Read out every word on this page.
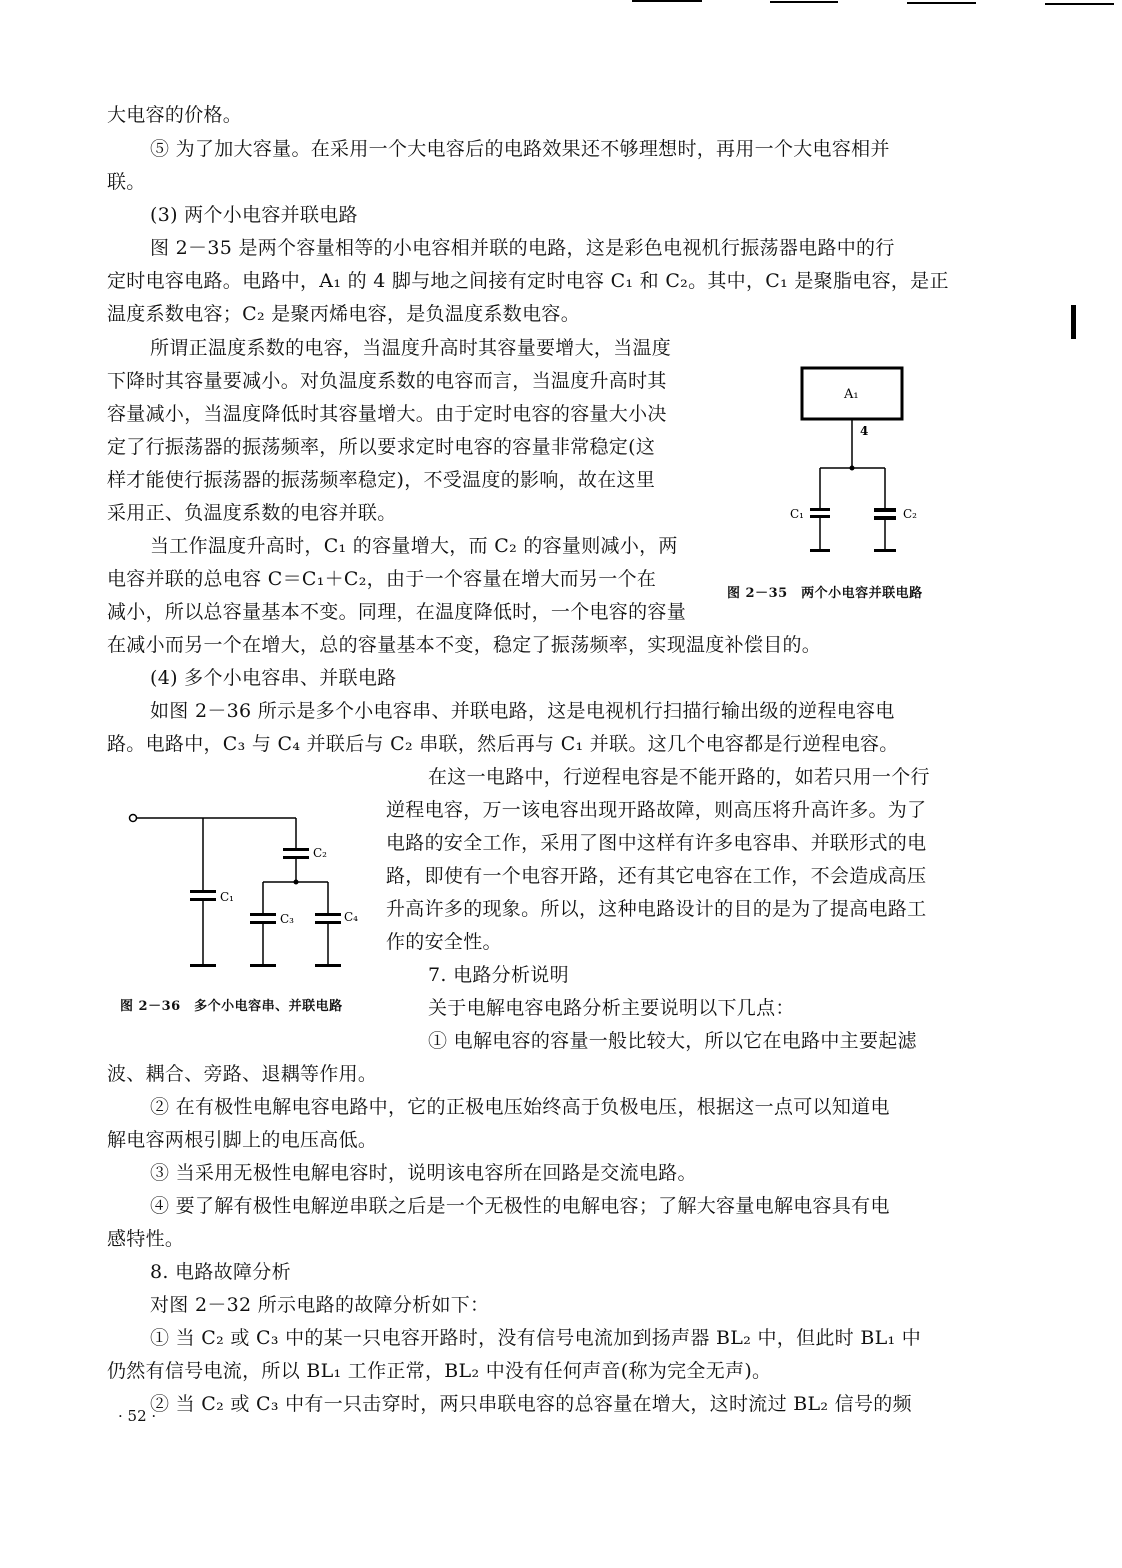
大电容的价格。
⑤ 为了加大容量。在采用一个大电容后的电路效果还不够理想时，再用一个大电容相并
联。
(3) 两个小电容并联电路
图 2－35 是两个容量相等的小电容相并联的电路，这是彩色电视机行振荡器电路中的行
定时电容电路。电路中，A₁ 的 4 脚与地之间接有定时电容 C₁ 和 C₂。其中，C₁ 是聚脂电容，是正
温度系数电容；C₂ 是聚丙烯电容，是负温度系数电容。
所谓正温度系数的电容，当温度升高时其容量要增大，当温度
下降时其容量要减小。对负温度系数的电容而言，当温度升高时其
容量减小，当温度降低时其容量增大。由于定时电容的容量大小决
定了行振荡器的振荡频率，所以要求定时电容的容量非常稳定(这
样才能使行振荡器的振荡频率稳定)，不受温度的影响，故在这里
采用正、负温度系数的电容并联。
当工作温度升高时，C₁ 的容量增大，而 C₂ 的容量则减小，两
电容并联的总电容 C＝C₁＋C₂，由于一个容量在增大而另一个在
减小，所以总容量基本不变。同理，在温度降低时，一个电容的容量
在减小而另一个在增大，总的容量基本不变，稳定了振荡频率，实现温度补偿目的。
(4) 多个小电容串、并联电路
如图 2－36 所示是多个小电容串、并联电路，这是电视机行扫描行输出级的逆程电容电
路。电路中，C₃ 与 C₄ 并联后与 C₂ 串联，然后再与 C₁ 并联。这几个电容都是行逆程电容。
在这一电路中，行逆程电容是不能开路的，如若只用一个行
逆程电容，万一该电容出现开路故障，则高压将升高许多。为了
电路的安全工作，采用了图中这样有许多电容串、并联形式的电
路，即使有一个电容开路，还有其它电容在工作，不会造成高压
升高许多的现象。所以，这种电路设计的目的是为了提高电路工
作的安全性。
7. 电路分析说明
关于电解电容电路分析主要说明以下几点：
① 电解电容的容量一般比较大，所以它在电路中主要起滤
波、耦合、旁路、退耦等作用。
② 在有极性电解电容电路中，它的正极电压始终高于负极电压，根据这一点可以知道电
解电容两根引脚上的电压高低。
③ 当采用无极性电解电容时，说明该电容所在回路是交流电路。
④ 要了解有极性电解逆串联之后是一个无极性的电解电容；了解大容量电解电容具有电
感特性。
8. 电路故障分析
对图 2－32 所示电路的故障分析如下：
① 当 C₂ 或 C₃ 中的某一只电容开路时，没有信号电流加到扬声器 BL₂ 中，但此时 BL₁ 中
仍然有信号电流，所以 BL₁ 工作正常，BL₂ 中没有任何声音(称为完全无声)。
② 当 C₂ 或 C₃ 中有一只击穿时，两只串联电容的总容量在增大，这时流过 BL₂ 信号的频
A₁
4
C₁	C₂
图 2－35　两个小电容并联电路
C₁
C₂
C₃	C₄
图 2－36　多个小电容串、并联电路
· 52 ·
